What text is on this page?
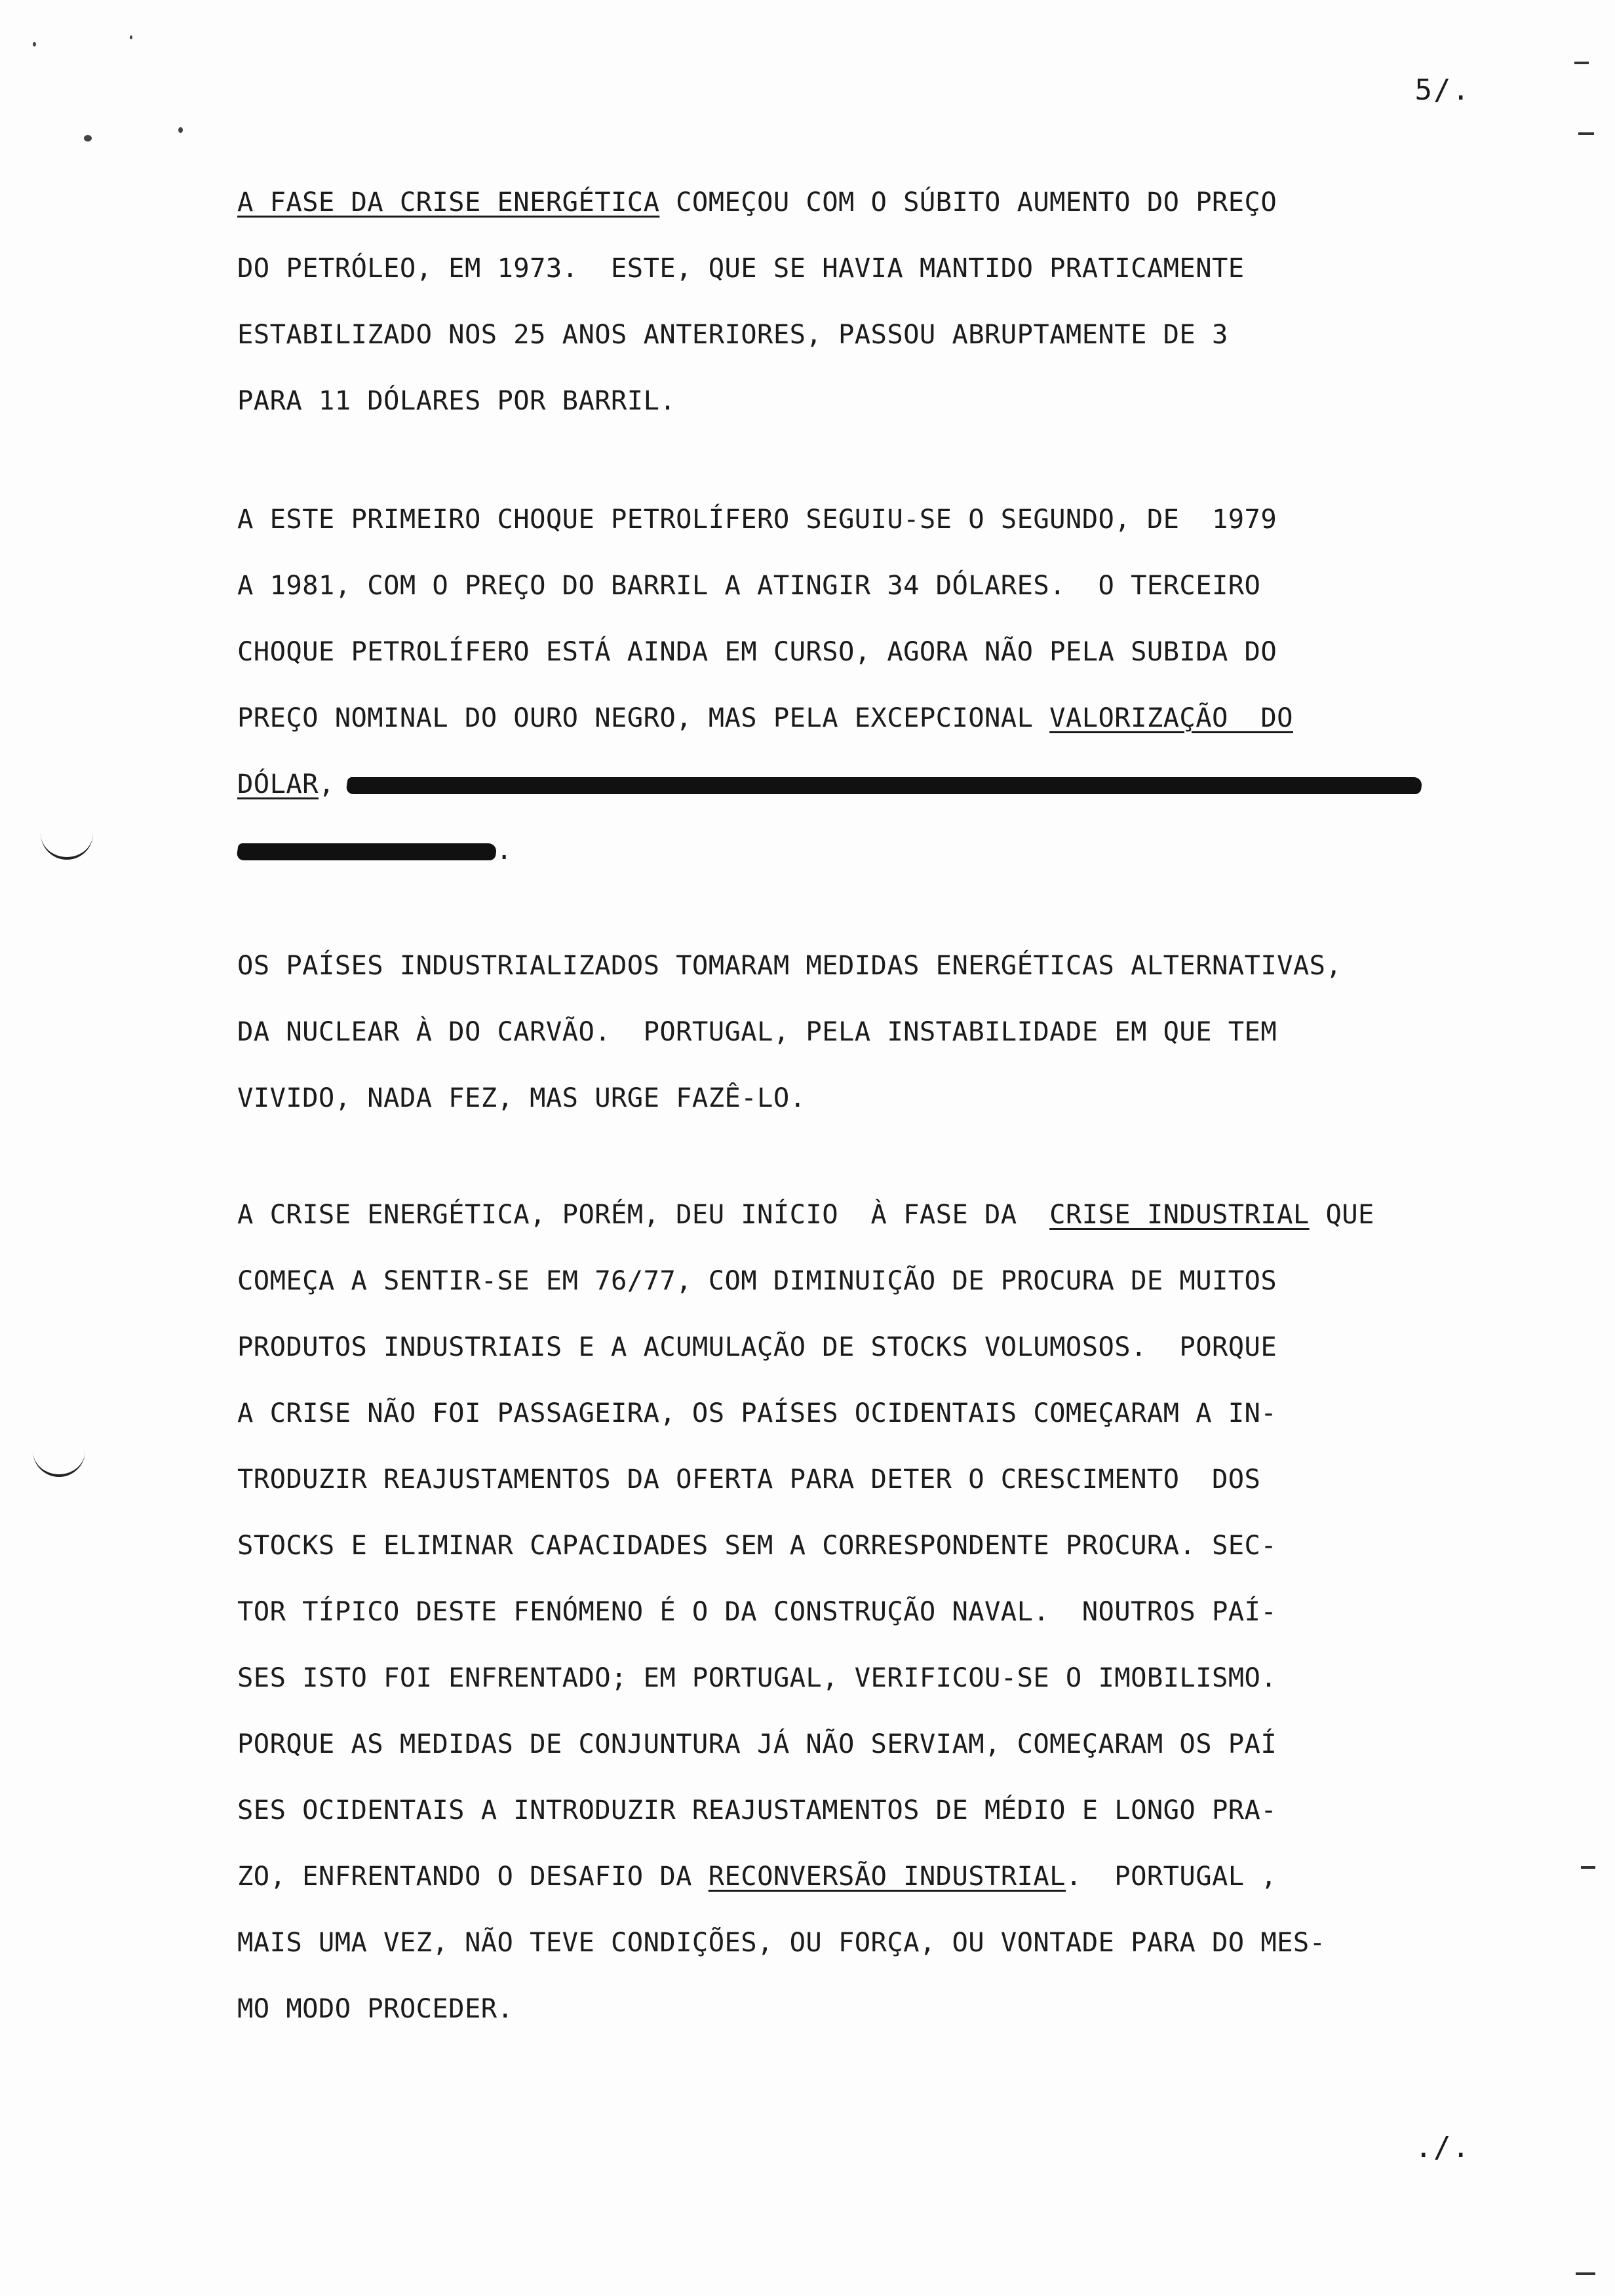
5/.
A FASE DA CRISE ENERGÉTICA COMEÇOU COM O SÚBITO AUMENTO DO PREÇO
DO PETRÓLEO, EM 1973.  ESTE, QUE SE HAVIA MANTIDO PRATICAMENTE
ESTABILIZADO NOS 25 ANOS ANTERIORES, PASSOU ABRUPTAMENTE DE 3
PARA 11 DÓLARES POR BARRIL.
A ESTE PRIMEIRO CHOQUE PETROLÍFERO SEGUIU-SE O SEGUNDO, DE  1979
A 1981, COM O PREÇO DO BARRIL A ATINGIR 34 DÓLARES.  O TERCEIRO
CHOQUE PETROLÍFERO ESTÁ AINDA EM CURSO, AGORA NÃO PELA SUBIDA DO
PREÇO NOMINAL DO OURO NEGRO, MAS PELA EXCEPCIONAL VALORIZAÇÃO  DO
DÓLAR,
.
OS PAÍSES INDUSTRIALIZADOS TOMARAM MEDIDAS ENERGÉTICAS ALTERNATIVAS,
DA NUCLEAR À DO CARVÃO.  PORTUGAL, PELA INSTABILIDADE EM QUE TEM
VIVIDO, NADA FEZ, MAS URGE FAZÊ-LO.
A CRISE ENERGÉTICA, PORÉM, DEU INÍCIO  À FASE DA  CRISE INDUSTRIAL QUE
COMEÇA A SENTIR-SE EM 76/77, COM DIMINUIÇÃO DE PROCURA DE MUITOS
PRODUTOS INDUSTRIAIS E A ACUMULAÇÃO DE STOCKS VOLUMOSOS.  PORQUE
A CRISE NÃO FOI PASSAGEIRA, OS PAÍSES OCIDENTAIS COMEÇARAM A IN-
TRODUZIR REAJUSTAMENTOS DA OFERTA PARA DETER O CRESCIMENTO  DOS
STOCKS E ELIMINAR CAPACIDADES SEM A CORRESPONDENTE PROCURA. SEC-
TOR TÍPICO DESTE FENÓMENO É O DA CONSTRUÇÃO NAVAL.  NOUTROS PAÍ-
SES ISTO FOI ENFRENTADO; EM PORTUGAL, VERIFICOU-SE O IMOBILISMO.
PORQUE AS MEDIDAS DE CONJUNTURA JÁ NÃO SERVIAM, COMEÇARAM OS PAÍ
SES OCIDENTAIS A INTRODUZIR REAJUSTAMENTOS DE MÉDIO E LONGO PRA-
ZO, ENFRENTANDO O DESAFIO DA RECONVERSÃO INDUSTRIAL.  PORTUGAL ,
MAIS UMA VEZ, NÃO TEVE CONDIÇÕES, OU FORÇA, OU VONTADE PARA DO MES-
MO MODO PROCEDER.
./.
